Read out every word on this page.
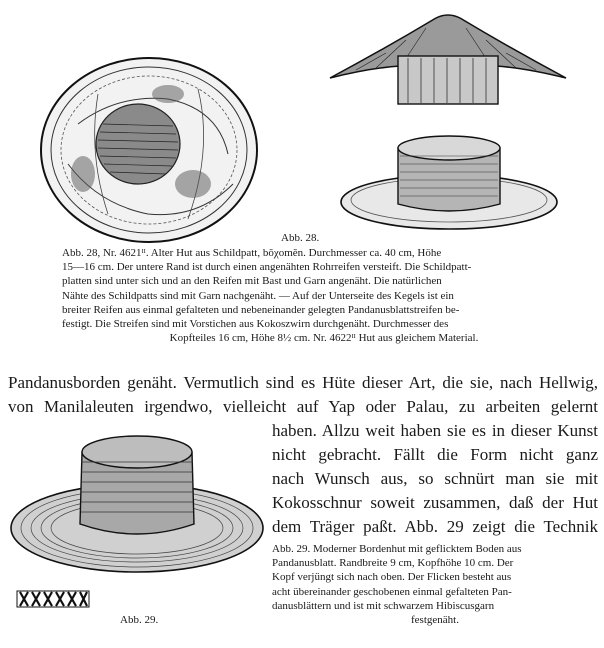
Abb. 28.

Abb. 28, Nr. 4621ᴵᴵ. Alter Hut aus Schildpatt, bŏχomĕn. Durchmesser ca. 40 cm, Höhe

15—16 cm. Der untere Rand ist durch einen angenähten Rohrreifen versteift. Die Schildpatt-

platten sind unter sich und an den Reifen mit Bast und Garn angenäht. Die natürlichen

Nähte des Schildpatts sind mit Garn nachgenäht. — Auf der Unterseite des Kegels ist ein

breiter Reifen aus einmal gefalteten und nebeneinander gelegten Pandanusblattstreifen be-

festigt. Die Streifen sind mit Vorstichen aus Kokoszwirn durchgenäht. Durchmesser des

Kopfteiles 16 cm, Höhe 8½ cm. Nr. 4622ᴵᴵ Hut aus gleichem Material.

Pandanusborden genäht. Vermutlich sind es Hüte dieser Art, die sie, nach Hellwig,
von Manilaleuten irgendwo, vielleicht auf Yap oder Palau, zu arbeiten gelernt
haben. Allzu weit haben sie es in dieser Kunst
nicht gebracht. Fällt die Form nicht ganz
nach Wunsch aus, so schnürt man sie mit
Kokosschnur soweit zusammen, daß der Hut
dem Träger paßt. Abb. 29 zeigt die Technik
Abb. 29.

Abb. 29. Moderner Bordenhut mit geflicktem Boden aus

Pandanusblatt. Randbreite 9 cm, Kopfhöhe 10 cm. Der

Kopf verjüngt sich nach oben. Der Flicken besteht aus

acht übereinander geschobenen einmal gefalteten Pan-

danusblättern und ist mit schwarzem Hibiscusgarn

festgenäht.
